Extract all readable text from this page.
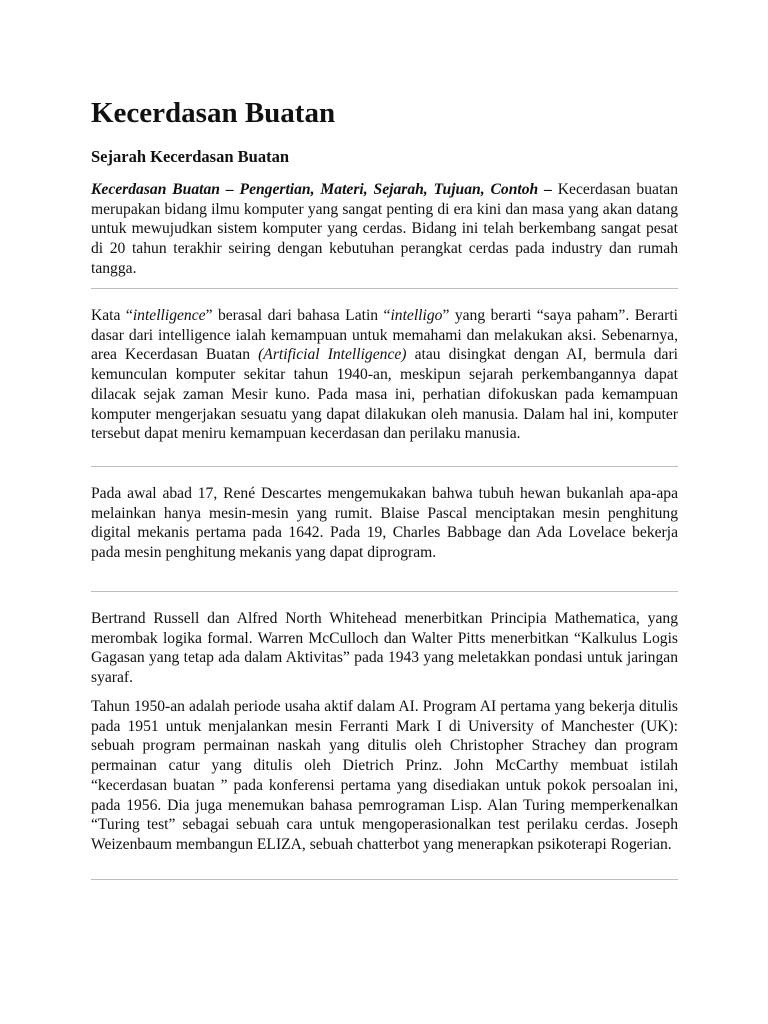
Kecerdasan Buatan
Sejarah Kecerdasan Buatan

Kecerdasan Buatan – Pengertian, Materi, Sejarah, Tujuan, Contoh – Kecerdasan buatan merupakan bidang ilmu komputer yang sangat penting di era kini dan masa yang akan datang untuk mewujudkan sistem komputer yang cerdas. Bidang ini telah berkembang sangat pesat di 20 tahun terakhir seiring dengan kebutuhan perangkat cerdas pada industry dan rumah tangga.

Kata “intelligence” berasal dari bahasa Latin “intelligo” yang berarti “saya paham”. Berarti dasar dari intelligence ialah kemampuan untuk memahami dan melakukan aksi. Sebenarnya, area Kecerdasan Buatan (Artificial Intelligence) atau disingkat dengan AI, bermula dari kemunculan komputer sekitar tahun 1940-an, meskipun sejarah perkembangannya dapat dilacak sejak zaman Mesir kuno. Pada masa ini, perhatian difokuskan pada kemampuan komputer mengerjakan sesuatu yang dapat dilakukan oleh manusia. Dalam hal ini, komputer tersebut dapat meniru kemampuan kecerdasan dan perilaku manusia.

Pada awal abad 17, René Descartes mengemukakan bahwa tubuh hewan bukanlah apa-apa melainkan hanya mesin-mesin yang rumit. Blaise Pascal menciptakan mesin penghitung digital mekanis pertama pada 1642. Pada 19, Charles Babbage dan Ada Lovelace bekerja pada mesin penghitung mekanis yang dapat diprogram.

Bertrand Russell dan Alfred North Whitehead menerbitkan Principia Mathematica, yang merombak logika formal. Warren McCulloch dan Walter Pitts menerbitkan “Kalkulus Logis Gagasan yang tetap ada dalam Aktivitas” pada 1943 yang meletakkan pondasi untuk jaringan syaraf.

Tahun 1950-an adalah periode usaha aktif dalam AI. Program AI pertama yang bekerja ditulis pada 1951 untuk menjalankan mesin Ferranti Mark I di University of Manchester (UK): sebuah program permainan naskah yang ditulis oleh Christopher Strachey dan program permainan catur yang ditulis oleh Dietrich Prinz. John McCarthy membuat istilah “kecerdasan buatan ” pada konferensi pertama yang disediakan untuk pokok persoalan ini, pada 1956. Dia juga menemukan bahasa pemrograman Lisp. Alan Turing memperkenalkan “Turing test” sebagai sebuah cara untuk mengoperasionalkan test perilaku cerdas. Joseph Weizenbaum membangun ELIZA, sebuah chatterbot yang menerapkan psikoterapi Rogerian.
